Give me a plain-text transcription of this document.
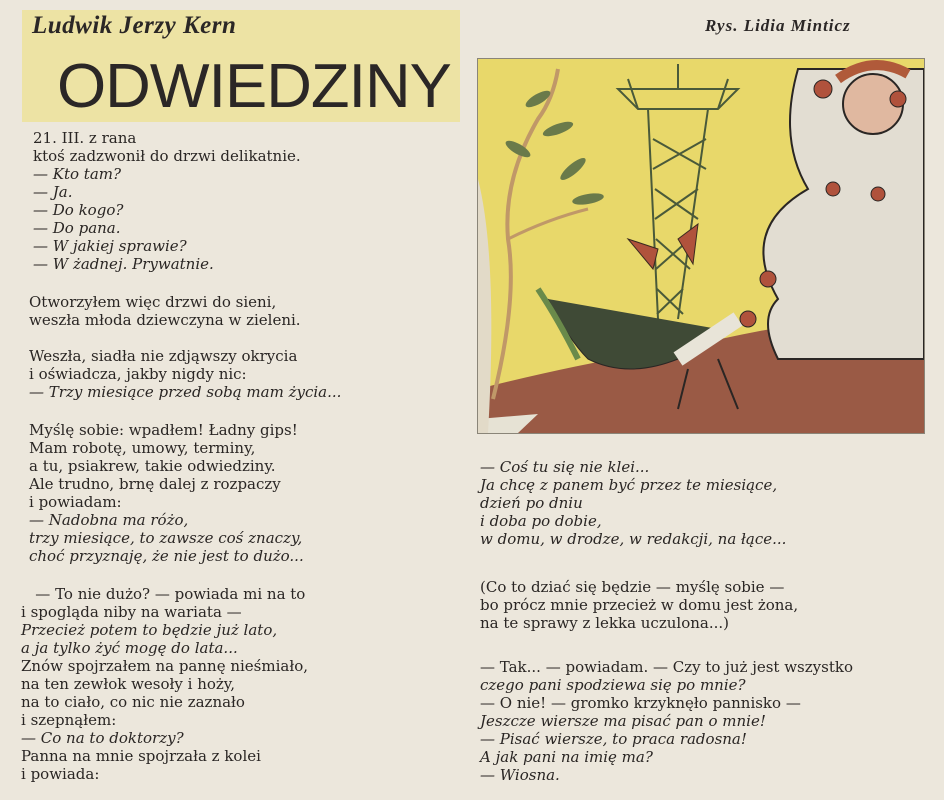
Ludwik Jerzy Kern
ODWIEDZINY
Rys. Lidia Minticz
21. III. z rana
ktoś zadzwonił do drzwi delikatnie.
— Kto tam?
— Ja.
— Do kogo?
— Do pana.
— W jakiej sprawie?
— W żadnej. Prywatnie.
Otworzyłem więc drzwi do sieni,
weszła młoda dziewczyna w zieleni.
Weszła, siadła nie zdjąwszy okrycia
i oświadcza, jakby nigdy nic:
— Trzy miesiące przed sobą mam życia...
Myślę sobie: wpadłem! Ładny gips!
Mam robotę, umowy, terminy,
a tu, psiakrew, takie odwiedziny.
Ale trudno, brnę dalej z rozpaczy
i powiadam:
— Nadobna ma różo,
trzy miesiące, to zawsze coś znaczy,
choć przyznaję, że nie jest to dużo...
— To nie dużo? — powiada mi na to
i spogląda niby na wariata —
Przecież potem to będzie już lato,
a ja tylko żyć mogę do lata...
Znów spojrzałem na pannę nieśmiało,
na ten zewłok wesoły i hoży,
na to ciało, co nic nie zaznało
i szepnąłem:
— Co na to doktorzy?
Panna na mnie spojrzała z kolei
i powiada:
— Coś tu się nie klei...
Ja chcę z panem być przez te miesiące,
dzień po dniu
i doba po dobie,
w domu, w drodze, w redakcji, na łące...
(Co to dziać się będzie — myślę sobie —
bo prócz mnie przecież w domu jest żona,
na te sprawy z lekka uczulona...)
— Tak... — powiadam. — Czy to już jest wszystko
czego pani spodziewa się po mnie?
— O nie! — gromko krzyknęło pannisko —
Jeszcze wiersze ma pisać pan o mnie!
— Pisać wiersze, to praca radosna!
A jak pani na imię ma?
— Wiosna.
